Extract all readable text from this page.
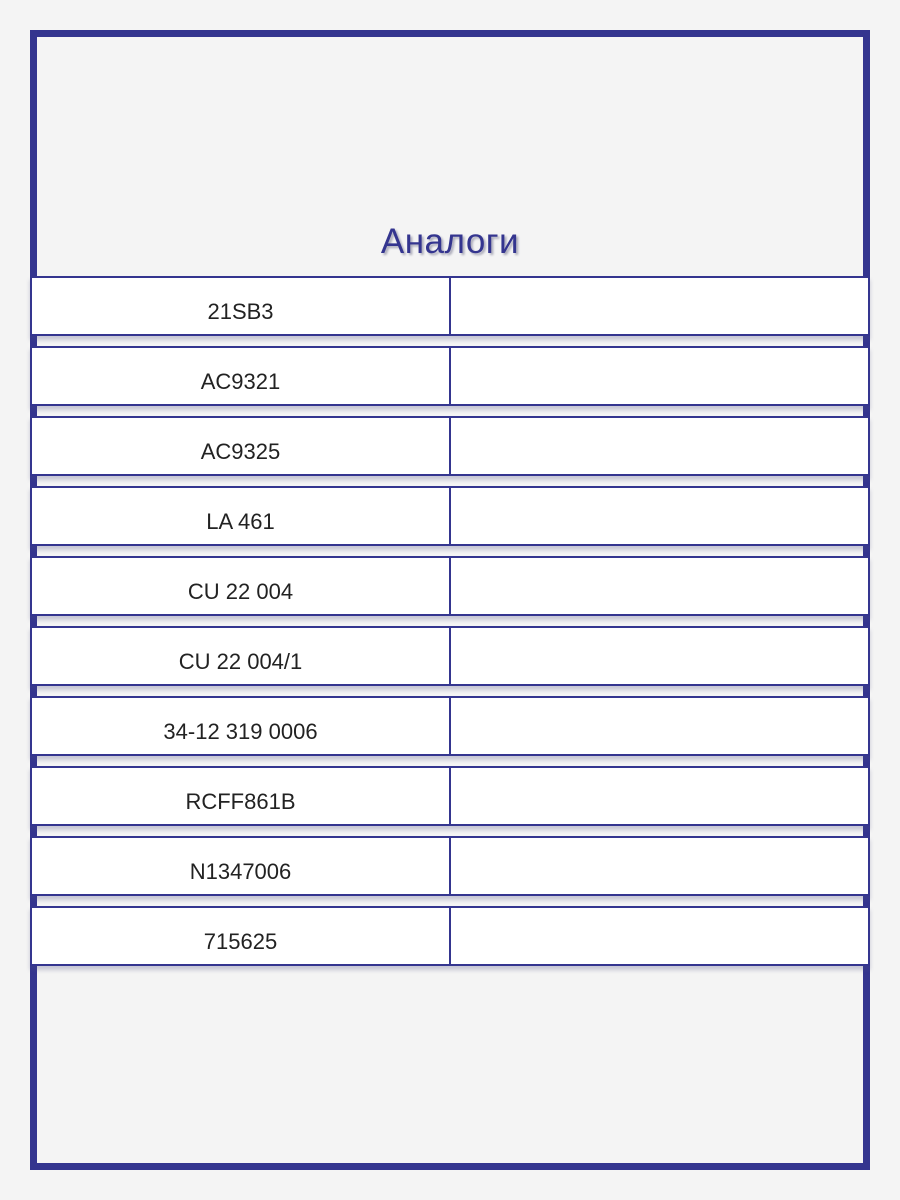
Аналоги
21SB3
AC9321
AC9325
LA 461
CU 22 004
CU 22 004/1
34-12 319 0006
RCFF861B
N1347006
715625
